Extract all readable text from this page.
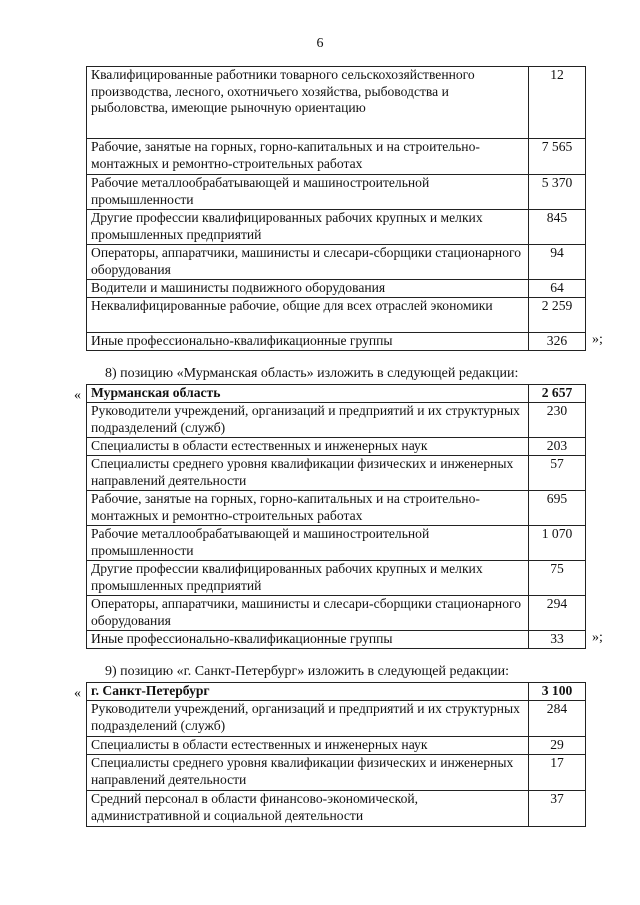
6
Квалифицированные работники товарного сельскохозяйственного производства, лесного, охотничьего хозяйства, рыбоводства и рыболовства, имеющие рыночную ориентацию	12
Рабочие, занятые на горных, горно-капитальных и на строительно-монтажных и ремонтно-строительных работах	7 565
Рабочие металлообрабатывающей и машиностроительной промышленности	5 370
Другие профессии квалифицированных рабочих крупных и мелких промышленных предприятий	845
Операторы, аппаратчики, машинисты и слесари-сборщики стационарного оборудования	94
Водители и машинисты подвижного оборудования	64
Неквалифицированные рабочие, общие для всех отраслей экономики	2 259
Иные профессионально-квалификационные группы	326 »;
8) позицию «Мурманская область» изложить в следующей редакции:
« Мурманская область	2 657
Руководители учреждений, организаций и предприятий и их структурных подразделений (служб)	230
Специалисты в области естественных и инженерных наук	203
Специалисты среднего уровня квалификации физических и инженерных направлений деятельности	57
Рабочие, занятые на горных, горно-капитальных и на строительно-монтажных и ремонтно-строительных работах	695
Рабочие металлообрабатывающей и машиностроительной промышленности	1 070
Другие профессии квалифицированных рабочих крупных и мелких промышленных предприятий	75
Операторы, аппаратчики, машинисты и слесари-сборщики стационарного оборудования	294
Иные профессионально-квалификационные группы	33 »;
9) позицию «г. Санкт-Петербург» изложить в следующей редакции:
« г. Санкт-Петербург	3 100
Руководители учреждений, организаций и предприятий и их структурных подразделений (служб)	284
Специалисты в области естественных и инженерных наук	29
Специалисты среднего уровня квалификации физических и инженерных направлений деятельности	17
Средний персонал в области финансово-экономической, административной и социальной деятельности	37
